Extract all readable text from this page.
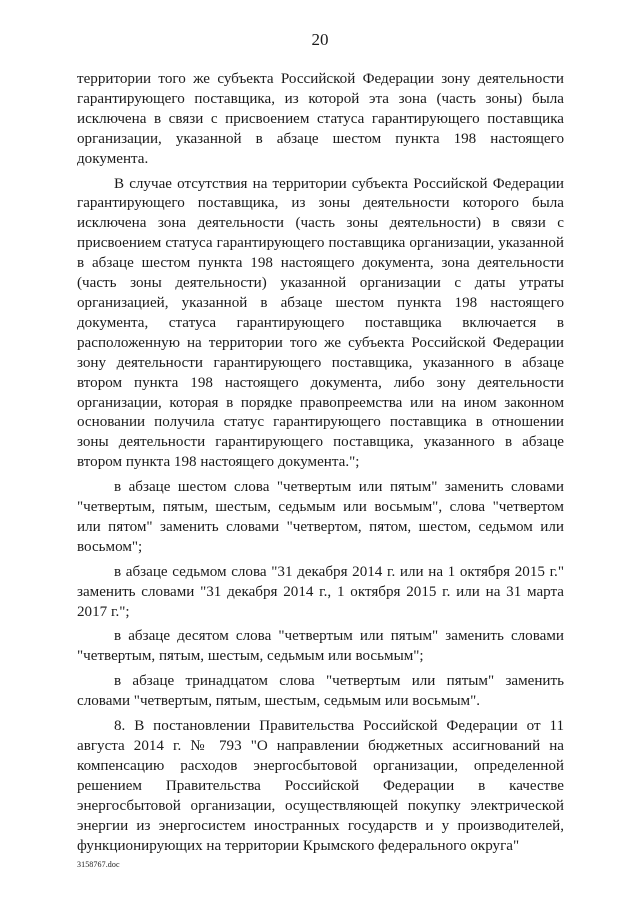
20

территории того же субъекта Российской Федерации зону деятельности гарантирующего поставщика, из которой эта зона (часть зоны) была исключена в связи с присвоением статуса гарантирующего поставщика организации, указанной в абзаце шестом пункта 198 настоящего документа.

В случае отсутствия на территории субъекта Российской Федерации гарантирующего поставщика, из зоны деятельности которого была исключена зона деятельности (часть зоны деятельности) в связи с присвоением статуса гарантирующего поставщика организации, указанной в абзаце шестом пункта 198 настоящего документа, зона деятельности (часть зоны деятельности) указанной организации с даты утраты организацией, указанной в абзаце шестом пункта 198 настоящего документа, статуса гарантирующего поставщика включается в расположенную на территории того же субъекта Российской Федерации зону деятельности гарантирующего поставщика, указанного в абзаце втором пункта 198 настоящего документа, либо зону деятельности организации, которая в порядке правопреемства или на ином законном основании получила статус гарантирующего поставщика в отношении зоны деятельности гарантирующего поставщика, указанного в абзаце втором пункта 198 настоящего документа.";

в абзаце шестом слова "четвертым или пятым" заменить словами "четвертым, пятым, шестым, седьмым или восьмым", слова "четвертом или пятом" заменить словами "четвертом, пятом, шестом, седьмом или восьмом";

в абзаце седьмом слова "31 декабря 2014 г. или на 1 октября 2015 г." заменить словами "31 декабря 2014 г., 1 октября 2015 г. или на 31 марта 2017 г.";

в абзаце десятом слова "четвертым или пятым" заменить словами "четвертым, пятым, шестым, седьмым или восьмым";

в абзаце тринадцатом слова "четвертым или пятым" заменить словами "четвертым, пятым, шестым, седьмым или восьмым".

8. В постановлении Правительства Российской Федерации от 11 августа 2014 г. № 793 "О направлении бюджетных ассигнований на компенсацию расходов энергосбытовой организации, определенной решением Правительства Российской Федерации в качестве энергосбытовой организации, осуществляющей покупку электрической энергии из энергосистем иностранных государств и у производителей, функционирующих на территории Крымского федерального округа"

3158767.doc
